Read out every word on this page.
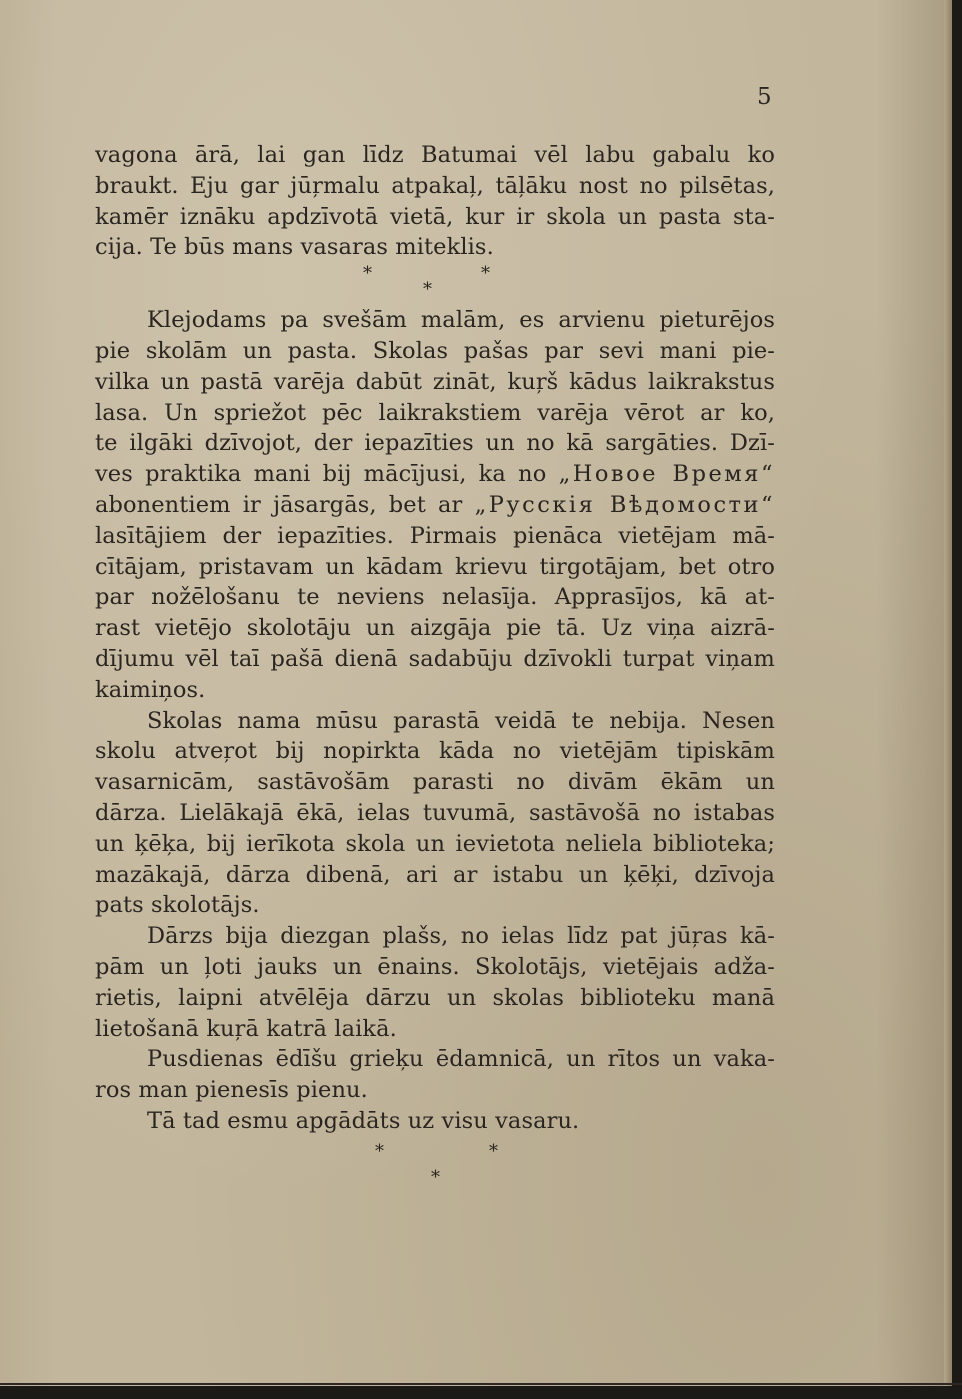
5
vagona ārā, lai gan līdz Batumai vēl labu gabalu ko
braukt. Eju gar jūŗmalu atpakaļ, tāļāku nost no pilsētas,
kamēr iznāku apdzīvotā vietā, kur ir skola un pasta sta-
cija. Te būs mans vasaras miteklis.
*	*
*
Klejodams pa svešām malām, es arvienu pieturējos
pie skolām un pasta. Skolas pašas par sevi mani pie-
vilka un pastā varēja dabūt zināt, kuŗš kādus laikrakstus
lasa. Un spriežot pēc laikrakstiem varēja vērot ar ko,
te ilgāki dzīvojot, der iepazīties un no kā sargāties. Dzī-
ves praktika mani bij mācījusi, ka no „Новое Время“
abonentiem ir jāsargās, bet ar „Русскія Вѣдомости“
lasītājiem der iepazīties. Pirmais pienāca vietējam mā-
cītājam, pristavam un kādam krievu tirgotājam, bet otro
par nožēlošanu te neviens nelasīja. Apprasījos, kā at-
rast vietējo skolotāju un aizgāja pie tā. Uz viņa aizrā-
dījumu vēl taī pašā dienā sadabūju dzīvokli turpat viņam
kaimiņos.
Skolas nama mūsu parastā veidā te nebija. Nesen
skolu atveŗot bij nopirkta kāda no vietējām tipiskām
vasarnicām, sastāvošām parasti no divām ēkām un
dārza. Lielākajā ēkā, ielas tuvumā, sastāvošā no istabas
un ķēķa, bij ierīkota skola un ievietota neliela biblioteka;
mazākajā, dārza dibenā, ari ar istabu un ķēķi, dzīvoja
pats skolotājs.
Dārzs bija diezgan plašs, no ielas līdz pat jūŗas kā-
pām un ļoti jauks un ēnains. Skolotājs, vietējais adža-
rietis, laipni atvēlēja dārzu un skolas biblioteku manā
lietošanā kuŗā katrā laikā.
Pusdienas ēdīšu grieķu ēdamnicā, un rītos un vaka-
ros man pienesīs pienu.
Tā tad esmu apgādāts uz visu vasaru.
*	*
*
